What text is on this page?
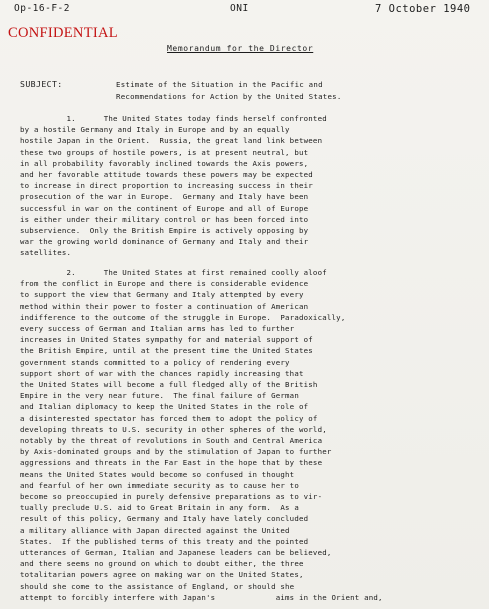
Op-16-F-2	ONI	7 October 1940
CONFIDENTIAL
Memorandum for the Director
SUBJECT:	Estimate of the Situation in the Pacific and
Recommendations for Action by the United States.
1.      The United States today finds herself confronted
by a hostile Germany and Italy in Europe and by an equally
hostile Japan in the Orient.  Russia, the great land link between
these two groups of hostile powers, is at present neutral, but
in all probability favorably inclined towards the Axis powers,
and her favorable attitude towards these powers may be expected
to increase in direct proportion to increasing success in their
prosecution of the war in Europe.  Germany and Italy have been
successful in war on the continent of Europe and all of Europe
is either under their military control or has been forced into
subservience.  Only the British Empire is actively opposing by
war the growing world dominance of Germany and Italy and their
satellites.
2.      The United States at first remained coolly aloof
from the conflict in Europe and there is considerable evidence
to support the view that Germany and Italy attempted by every
method within their power to foster a continuation of American
indifference to the outcome of the struggle in Europe.  Paradoxically,
every success of German and Italian arms has led to further
increases in United States sympathy for and material support of
the British Empire, until at the present time the United States
government stands committed to a policy of rendering every
support short of war with the chances rapidly increasing that
the United States will become a full fledged ally of the British
Empire in the very near future.  The final failure of German
and Italian diplomacy to keep the United States in the role of
a disinterested spectator has forced them to adopt the policy of
developing threats to U.S. security in other spheres of the world,
notably by the threat of revolutions in South and Central America
by Axis-dominated groups and by the stimulation of Japan to further
aggressions and threats in the Far East in the hope that by these
means the United States would become so confused in thought
and fearful of her own immediate security as to cause her to
become so preoccupied in purely defensive preparations as to vir-
tually preclude U.S. aid to Great Britain in any form.  As a
result of this policy, Germany and Italy have lately concluded
a military alliance with Japan directed against the United
States.  If the published terms of this treaty and the pointed
utterances of German, Italian and Japanese leaders can be believed,
and there seems no ground on which to doubt either, the three
totalitarian powers agree on making war on the United States,
should she come to the assistance of England, or should she
attempt to forcibly interfere with Japan's             aims in the Orient and,
